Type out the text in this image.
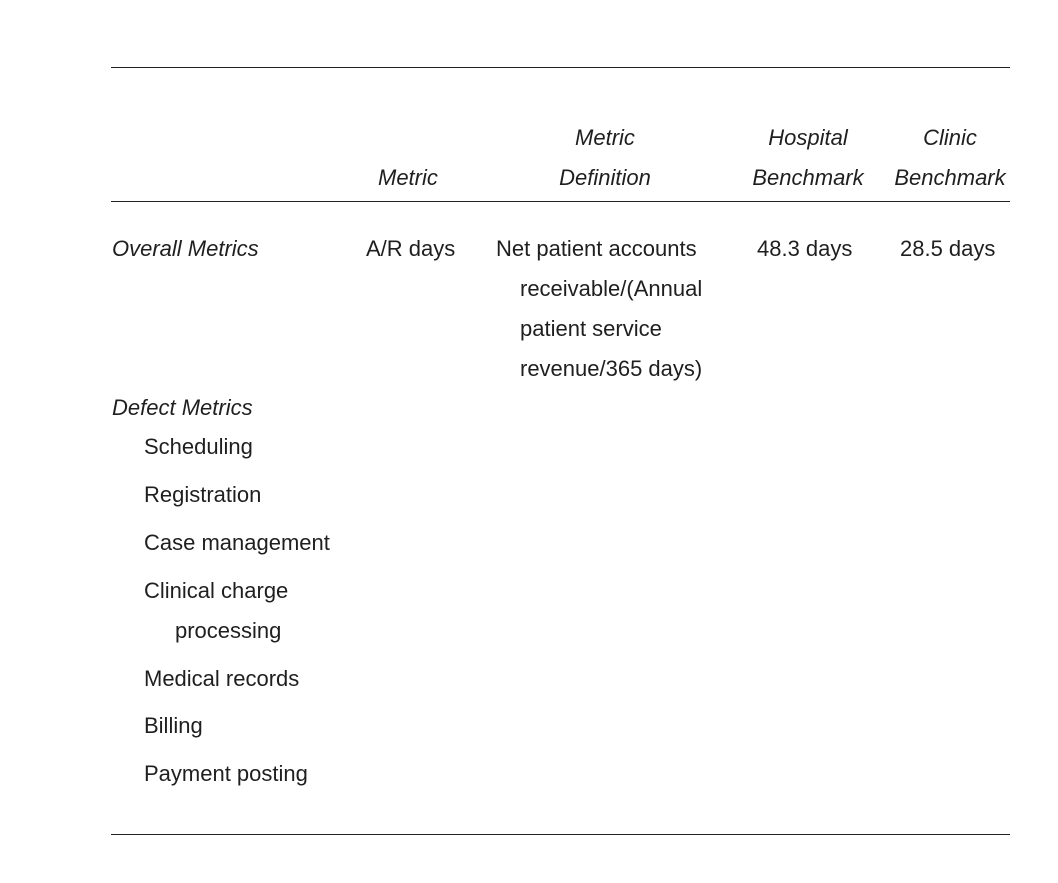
Metric
Metric
Definition
Hospital
Benchmark
Clinic
Benchmark
Overall Metrics	A/R days Net patient accounts
receivable/(Annual
patient service
revenue/365 days)
48.3 days 28.5 days
Defect Metrics
Scheduling
Registration
Case management
Clinical charge
processing
Medical records
Billing
Payment posting
